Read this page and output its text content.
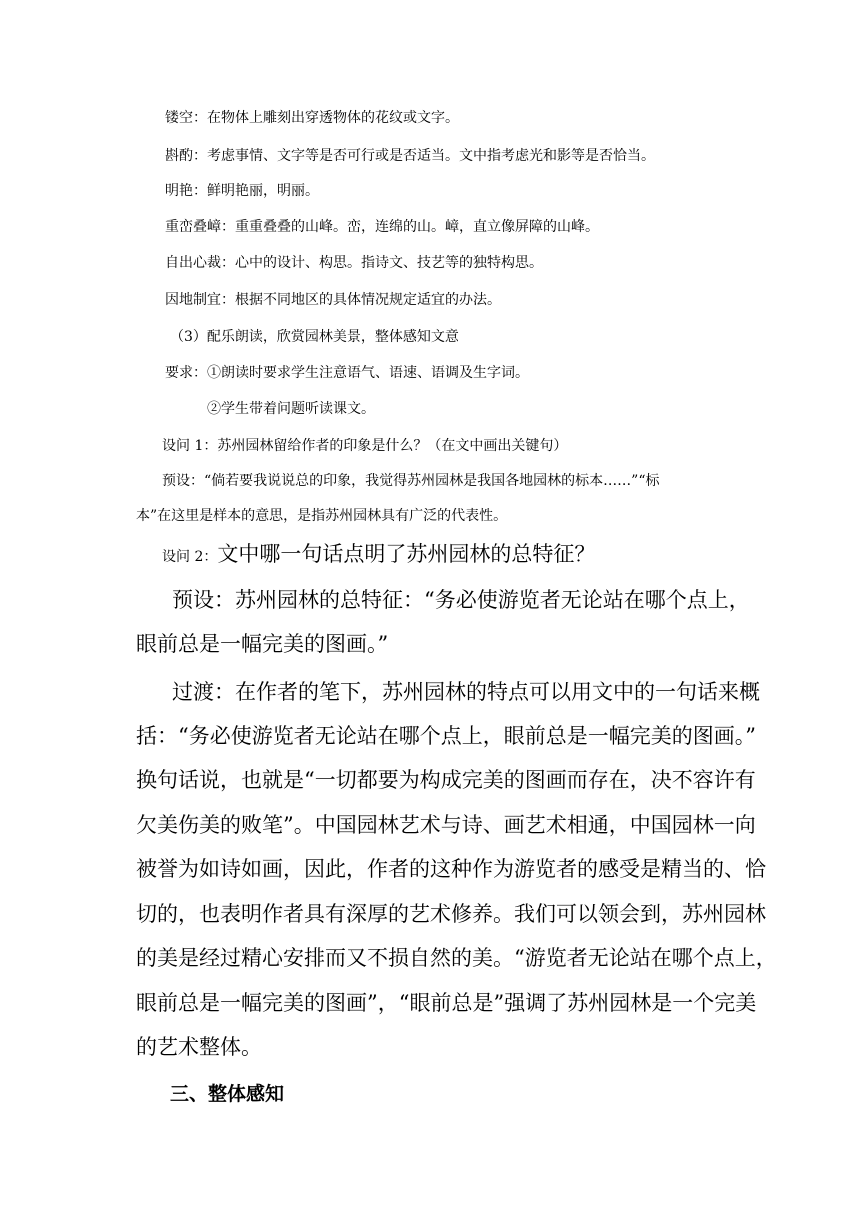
镂空：在物体上雕刻出穿透物体的花纹或文字。

斟酌：考虑事情、文字等是否可行或是否适当。文中指考虑光和影等是否恰当。

明艳：鲜明艳丽，明丽。

重峦叠嶂：重重叠叠的山峰。峦，连绵的山。嶂，直立像屏障的山峰。

自出心裁：心中的设计、构思。指诗文、技艺等的独特构思。

因地制宜：根据不同地区的具体情况规定适宜的办法。

（3）配乐朗读，欣赏园林美景，整体感知文意

要求：①朗读时要求学生注意语气、语速、语调及生字词。

②学生带着问题听读课文。

设问 1：苏州园林留给作者的印象是什么？（在文中画出关键句）

预设：“倘若要我说说总的印象，我觉得苏州园林是我国各地园林的标本……”“标

本”在这里是样本的意思，是指苏州园林具有广泛的代表性。

设问 2：文中哪一句话点明了苏州园林的总特征？

预设：苏州园林的总特征：“务必使游览者无论站在哪个点上，

眼前总是一幅完美的图画。”

过渡：在作者的笔下，苏州园林的特点可以用文中的一句话来概

括：“务必使游览者无论站在哪个点上，眼前总是一幅完美的图画。”

换句话说，也就是“一切都要为构成完美的图画而存在，决不容许有

欠美伤美的败笔”。中国园林艺术与诗、画艺术相通，中国园林一向

被誉为如诗如画，因此，作者的这种作为游览者的感受是精当的、恰

切的，也表明作者具有深厚的艺术修养。我们可以领会到，苏州园林

的美是经过精心安排而又不损自然的美。“游览者无论站在哪个点上，

眼前总是一幅完美的图画”，“眼前总是”强调了苏州园林是一个完美

的艺术整体。

三、整体感知
